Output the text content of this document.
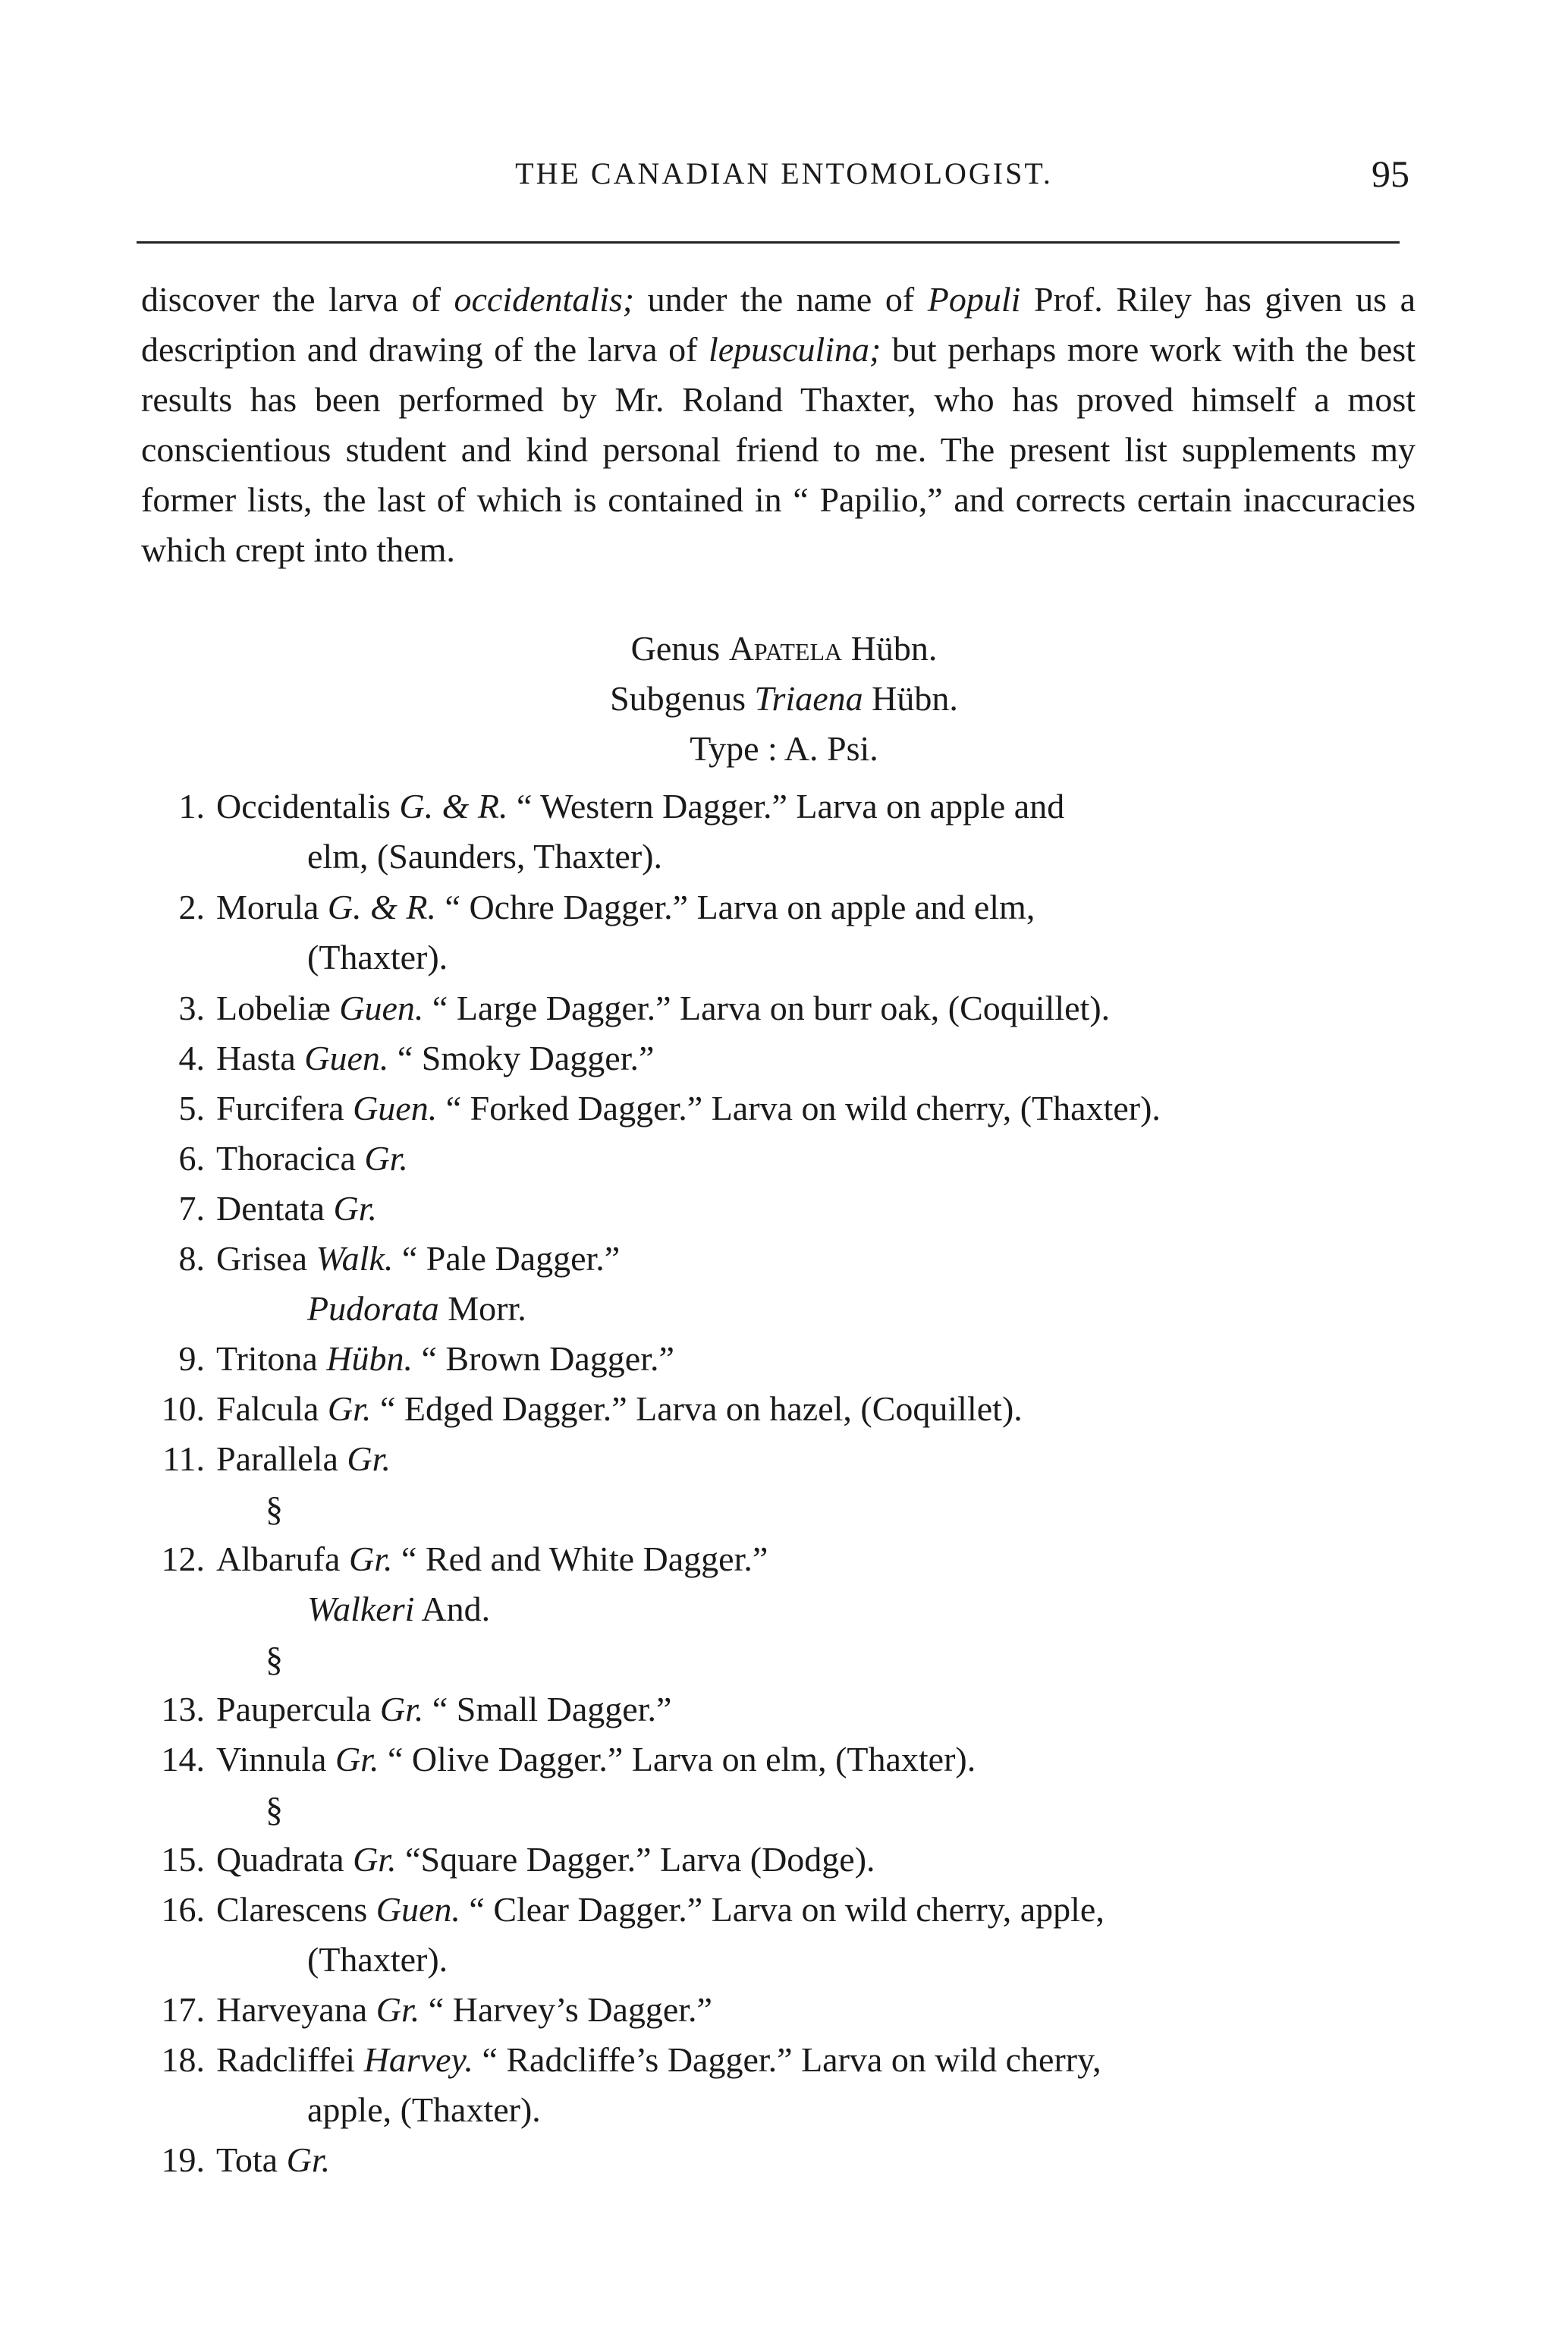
THE CANADIAN ENTOMOLOGIST.	95
discover the larva of occidentalis; under the name of Populi Prof. Riley has given us a description and drawing of the larva of lepusculina; but perhaps more work with the best results has been performed by Mr. Roland Thaxter, who has proved himself a most conscientious student and kind personal friend to me. The present list supplements my former lists, the last of which is contained in “ Papilio,” and corrects certain inaccuracies which crept into them.
Genus Apatela Hübn.
Subgenus Triaena Hübn.
Type : A. Psi.
1. Occidentalis G. & R. “ Western Dagger.” Larva on apple and
elm, (Saunders, Thaxter).
2. Morula G. & R. “ Ochre Dagger.” Larva on apple and elm,
(Thaxter).
3. Lobeliæ Guen. “ Large Dagger.” Larva on burr oak, (Coquillet).
4. Hasta Guen. “ Smoky Dagger.”
5. Furcifera Guen. “ Forked Dagger.” Larva on wild cherry, (Thaxter).
6. Thoracica Gr.
7. Dentata Gr.
8. Grisea Walk. “ Pale Dagger.”
Pudorata Morr.
9. Tritona Hübn. “ Brown Dagger.”
10. Falcula Gr. “ Edged Dagger.” Larva on hazel, (Coquillet).
11. Parallela Gr.
§
12. Albarufa Gr. “ Red and White Dagger.”
Walkeri And.
§
13. Paupercula Gr. “ Small Dagger.”
14. Vinnula Gr. “ Olive Dagger.” Larva on elm, (Thaxter).
§
15. Quadrata Gr. “Square Dagger.” Larva (Dodge).
16. Clarescens Guen. “ Clear Dagger.” Larva on wild cherry, apple,
(Thaxter).
17. Harveyana Gr. “ Harvey’s Dagger.”
18. Radcliffei Harvey. “ Radcliffe’s Dagger.” Larva on wild cherry,
apple, (Thaxter).
19. Tota Gr.
